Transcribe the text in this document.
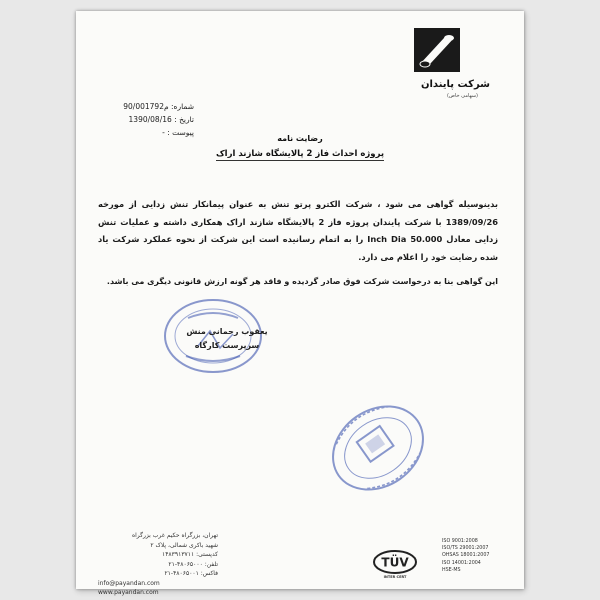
شرکت پایندان
(سهامی خاص)
شماره: 90/001792م
تاریخ : 1390/08/16
پیوست : -
رضایت نامه
پروژه احداث فاز 2 پالایشگاه شازند اراک

بدینوسیله گواهی می شود ، شرکت الکترو پرتو تنش به عنوان پیمانکار تنش زدایی از مورخه 1389/09/26 با شرکت پایندان پروژه فاز 2 پالایشگاه شازند اراک همکاری داشته و عملیات تنش زدایی معادل 50.000 Inch Dia را به اتمام رسانیده است این شرکت از نحوه عملکرد شرکت یاد شده رضایت خود را اعلام می دارد.

این گواهی بنا به درخواست شرکت فوق صادر گردیده و فاقد هر گونه ارزش قانونی دیگری می باشد.
یعقوب رحمانی منش
سرپرست کارگاه
تهران، بزرگراه حکیم غرب بزرگراه
شهید باکری شمالی، پلاک ۲
کدپستی: ۱۴۸۳۹۱۳۷۱۱
تلفن: ۴۸۰۶۵۰۰۰-۲۱
فاکس: ۴۸۰۶۵۰۰۱-۲۱
info@payandan.com
www.payandan.com
TÜV
INTER CERT
ISO 9001:2008
ISO/TS 29001:2007
OHSAS 18001:2007
ISO 14001:2004
HSE-MS
